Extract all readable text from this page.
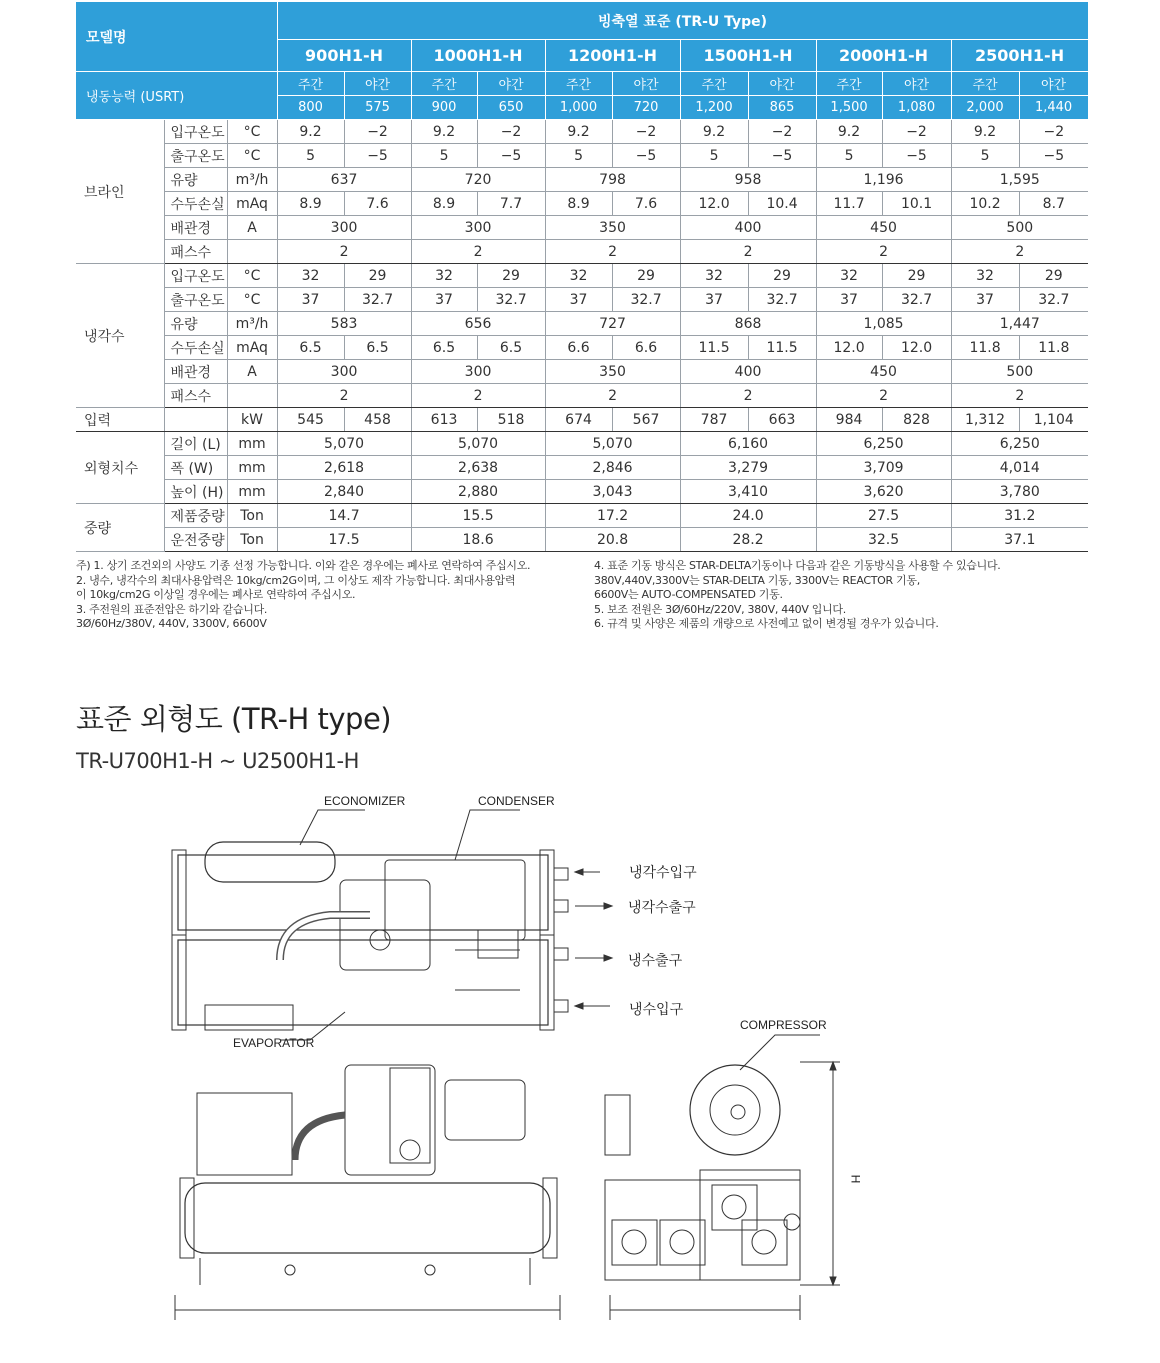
모델명			빙축열 표준 (TR-U Type)											
			900H1-H		1000H1-H		1200H1-H		1500H1-H		2000H1-H		2500H1-H	
냉동능력 (USRT)			주간	야간	주간	야간	주간	야간	주간	야간	주간	야간	주간	야간
			800	575	900	650	1,000	720	1,200	865	1,500	1,080	2,000	1,440
브라인	입구온도	°C	9.2	−2	9.2	−2	9.2	−2	9.2	−2	9.2	−2	9.2	−2
	출구온도	°C	5	−5	5	−5	5	−5	5	−5	5	−5	5	−5
	유량	m³/h	637		720		798		958		1,196		1,595	
	수두손실	mAq	8.9	7.6	8.9	7.7	8.9	7.6	12.0	10.4	11.7	10.1	10.2	8.7
	배관경	A	300		300		350		400		450		500	
	패스수		2		2		2		2		2		2	
냉각수	입구온도	°C	32	29	32	29	32	29	32	29	32	29	32	29
	출구온도	°C	37	32.7	37	32.7	37	32.7	37	32.7	37	32.7	37	32.7
	유량	m³/h	583		656		727		868		1,085		1,447	
	수두손실	mAq	6.5	6.5	6.5	6.5	6.6	6.6	11.5	11.5	12.0	12.0	11.8	11.8
	배관경	A	300		300		350		400		450		500	
	패스수		2		2		2		2		2		2	
입력		kW	545	458	613	518	674	567	787	663	984	828	1,312	1,104
외형치수	길이 (L)	mm	5,070		5,070		5,070		6,160		6,250		6,250	
	폭 (W)	mm	2,618		2,638		2,846		3,279		3,709		4,014	
	높이 (H)	mm	2,840		2,880		3,043		3,410		3,620		3,780	
중량	제품중량	Ton	14.7		15.5		17.2		24.0		27.5		31.2	
	운전중량	Ton	17.5		18.6		20.8		28.2		32.5		37.1	
주) 1. 상기 조건외의 사양도 기종 선정 가능합니다. 이와 같은 경우에는 폐사로 연락하여 주십시오.
2. 냉수, 냉각수의 최대사용압력은 10kg/cm2G이며, 그 이상도 제작 가능합니다. 최대사용압력
이 10kg/cm2G 이상일 경우에는 폐사로 연락하여 주십시오.
3. 주전원의 표준전압은 하기와 같습니다.
3Ø/60Hz/380V, 440V, 3300V, 6600V
4. 표준 기동 방식은 STAR-DELTA기동이나 다음과 같은 기동방식을 사용할 수 있습니다.
380V,440V,3300V는 STAR-DELTA 기동, 3300V는 REACTOR 기동,
6600V는 AUTO-COMPENSATED 기동.
5. 보조 전원은 3Ø/60Hz/220V, 380V, 440V 입니다.
6. 규격 및 사양은 제품의 개량으로 사전예고 없이 변경될 경우가 있습니다.
표준 외형도 (TR-H type)
TR-U700H1-H ~ U2500H1-H
ECONOMIZER	CONDENSER
EVAPORATOR
COMPRESSOR
냉각수입구
냉각수출구
냉수출구
냉수입구
H
